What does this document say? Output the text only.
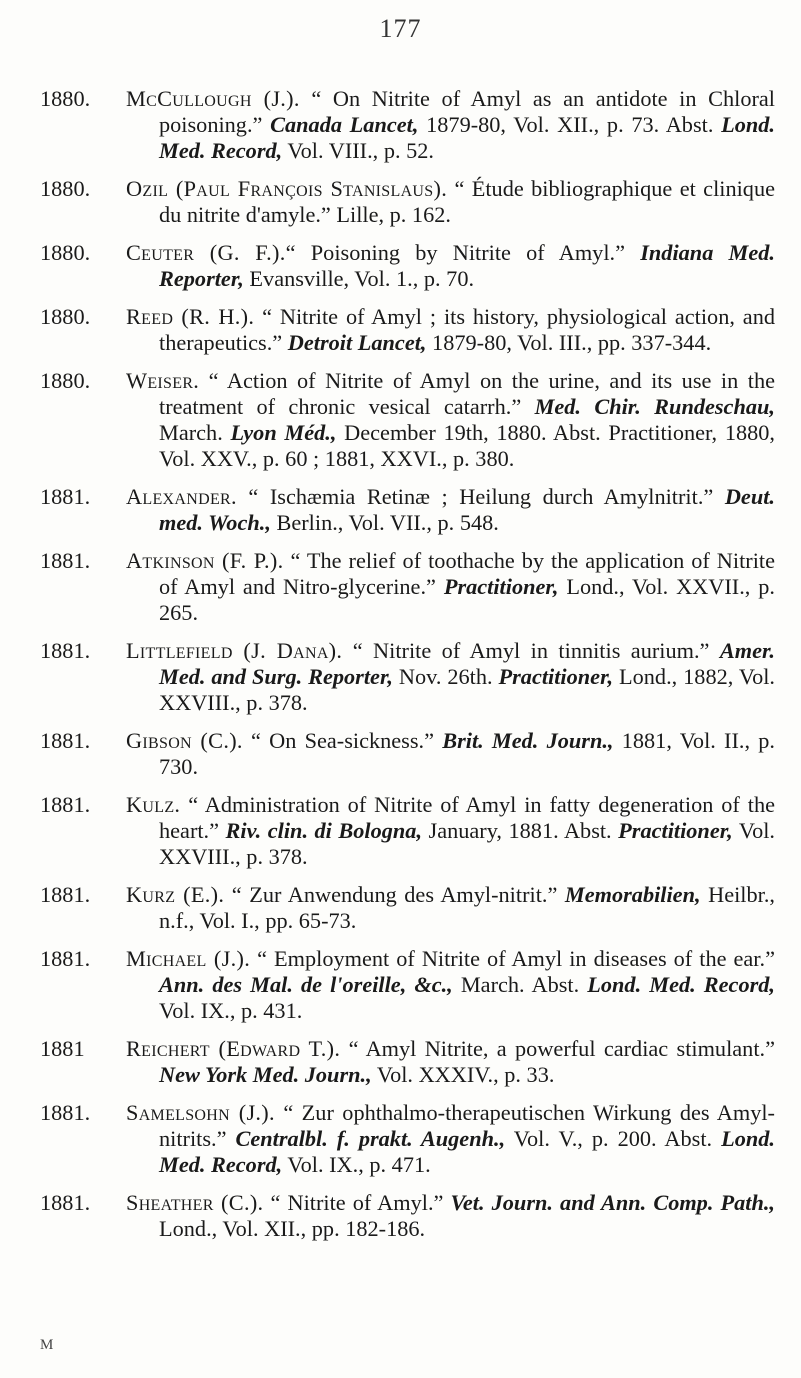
177
1880.	McCullough (J.). “ On Nitrite of Amyl as an antidote in Chloral poisoning.” Canada Lancet, 1879-80, Vol. XII., p. 73. Abst. Lond. Med. Record, Vol. VIII., p. 52.
1880.	Ozil (Paul François Stanislaus). “ Étude bibliographique et clinique du nitrite d'amyle.” Lille, p. 162.
1880.	Ceuter (G. F.).“ Poisoning by Nitrite of Amyl.” Indiana Med. Reporter, Evansville, Vol. 1., p. 70.
1880.	Reed (R. H.). “ Nitrite of Amyl ; its history, physiological action, and therapeutics.” Detroit Lancet, 1879-80, Vol. III., pp. 337-344.
1880.	Weiser. “ Action of Nitrite of Amyl on the urine, and its use in the treatment of chronic vesical catarrh.” Med. Chir. Rundeschau, March. Lyon Méd., December 19th, 1880. Abst. Practitioner, 1880, Vol. XXV., p. 60 ; 1881, XXVI., p. 380.
1881.	Alexander. “ Ischæmia Retinæ ; Heilung durch Amylnitrit.” Deut. med. Woch., Berlin., Vol. VII., p. 548.
1881.	Atkinson (F. P.). “ The relief of toothache by the application of Nitrite of Amyl and Nitro-glycerine.” Practitioner, Lond., Vol. XXVII., p. 265.
1881.	Littlefield (J. Dana). “ Nitrite of Amyl in tinnitis aurium.” Amer. Med. and Surg. Reporter, Nov. 26th. Practitioner, Lond., 1882, Vol. XXVIII., p. 378.
1881.	Gibson (C.). “ On Sea-sickness.” Brit. Med. Journ., 1881, Vol. II., p. 730.
1881.	Kulz. “ Administration of Nitrite of Amyl in fatty degeneration of the heart.” Riv. clin. di Bologna, January, 1881. Abst. Practitioner, Vol. XXVIII., p. 378.
1881.	Kurz (E.). “ Zur Anwendung des Amyl-nitrit.” Memorabilien, Heilbr., n.f., Vol. I., pp. 65-73.
1881.	Michael (J.). “ Employment of Nitrite of Amyl in diseases of the ear.” Ann. des Mal. de l'oreille, &c., March. Abst. Lond. Med. Record, Vol. IX., p. 431.
1881	Reichert (Edward T.). “ Amyl Nitrite, a powerful cardiac stimulant.” New York Med. Journ., Vol. XXXIV., p. 33.
1881.	Samelsohn (J.). “ Zur ophthalmo-therapeutischen Wirkung des Amyl-nitrits.” Centralbl. f. prakt. Augenh., Vol. V., p. 200. Abst. Lond. Med. Record, Vol. IX., p. 471.
1881.	Sheather (C.). “ Nitrite of Amyl.” Vet. Journ. and Ann. Comp. Path., Lond., Vol. XII., pp. 182-186.
M
